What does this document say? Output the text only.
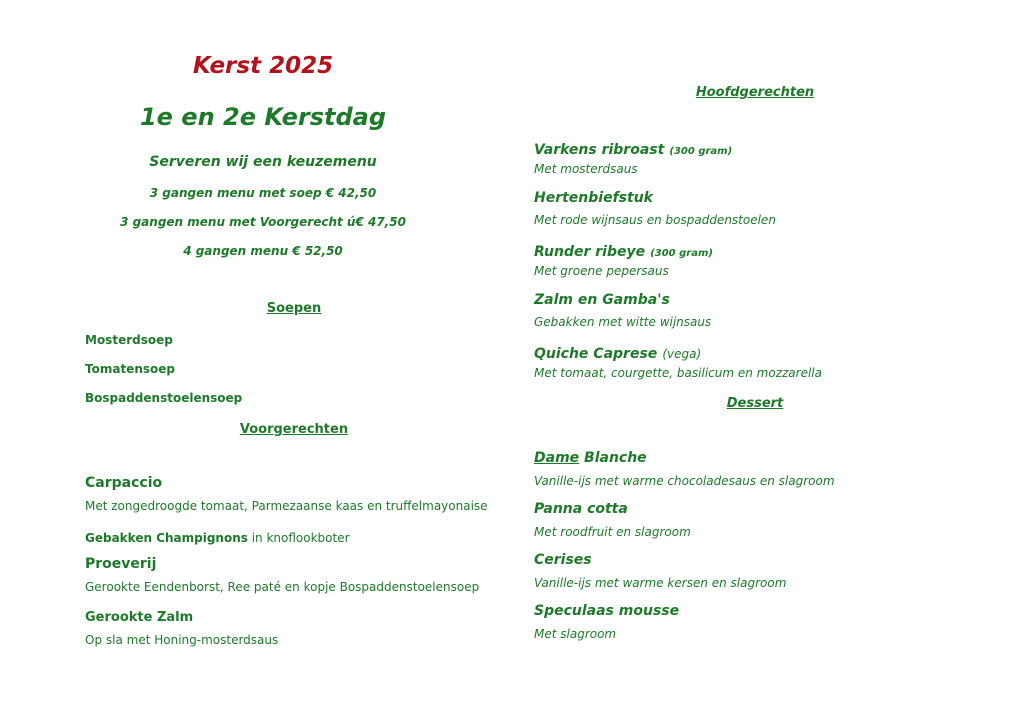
Kerst 2025
1e en 2e Kerstdag
Serveren wij een keuzemenu
3 gangen menu met soep € 42,50
3 gangen menu met Voorgerecht ú€ 47,50
4 gangen menu € 52,50
Soepen
Mosterdsoep
Tomatensoep
Bospaddenstoelensoep
Voorgerechten
Carpaccio
Met zongedroogde tomaat, Parmezaanse kaas en truffelmayonaise
Gebakken Champignons in knoflookboter
Proeverij
Gerookte Eendenborst, Ree paté en kopje Bospaddenstoelensoep
Gerookte Zalm
Op sla met Honing-mosterdsaus
Hoofdgerechten
Varkens ribroast (300 gram)
Met mosterdsaus
Hertenbiefstuk
Met rode wijnsaus en bospaddenstoelen
Runder ribeye (300 gram)
Met groene pepersaus
Zalm en Gamba's
Gebakken met witte wijnsaus
Quiche Caprese (vega)
Met tomaat, courgette, basilicum en mozzarella
Dessert
Dame Blanche
Vanille-ijs met warme chocoladesaus en slagroom
Panna cotta
Met roodfruit en slagroom
Cerises
Vanille-ijs met warme kersen en slagroom
Speculaas mousse
Met slagroom
